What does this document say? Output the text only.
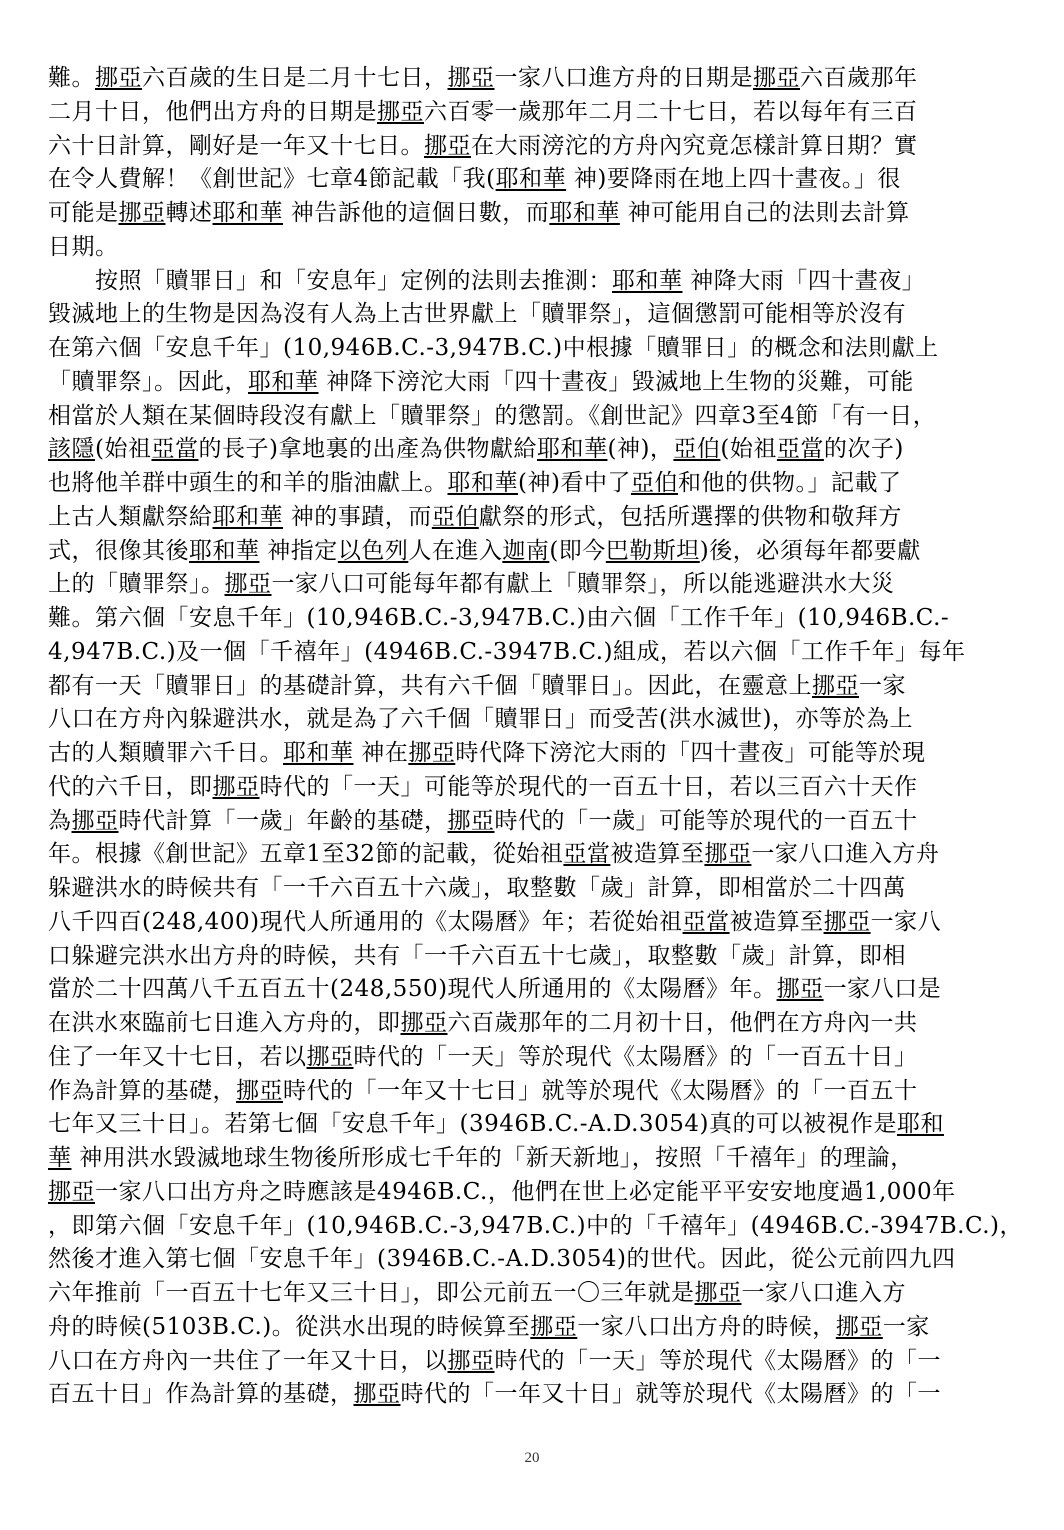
難。挪亞六百歲的生日是二月十七日，挪亞一家八口進方舟的日期是挪亞六百歲那年
二月十日，他們出方舟的日期是挪亞六百零一歲那年二月二十七日，若以每年有三百
六十日計算，剛好是一年又十七日。挪亞在大雨滂沱的方舟內究竟怎樣計算日期？實
在令人費解！《創世記》七章4節記載「我(耶和華 神)要降雨在地上四十晝夜。」很
可能是挪亞轉述耶和華 神告訴他的這個日數，而耶和華 神可能用自己的法則去計算
日期。
　　按照「贖罪日」和「安息年」定例的法則去推測：耶和華 神降大雨「四十晝夜」
毀滅地上的生物是因為沒有人為上古世界獻上「贖罪祭」，這個懲罰可能相等於沒有
在第六個「安息千年」(10,946B.C.-3,947B.C.)中根據「贖罪日」的概念和法則獻上
「贖罪祭」。因此，耶和華 神降下滂沱大雨「四十晝夜」毀滅地上生物的災難，可能
相當於人類在某個時段沒有獻上「贖罪祭」的懲罰。《創世記》四章3至4節「有一日，
該隱(始祖亞當的長子)拿地裏的出產為供物獻給耶和華(神)，亞伯(始祖亞當的次子)
也將他羊群中頭生的和羊的脂油獻上。耶和華(神)看中了亞伯和他的供物。」記載了
上古人類獻祭給耶和華 神的事蹟，而亞伯獻祭的形式，包括所選擇的供物和敬拜方
式，很像其後耶和華 神指定以色列人在進入迦南(即今巴勒斯坦)後，必須每年都要獻
上的「贖罪祭」。挪亞一家八口可能每年都有獻上「贖罪祭」，所以能逃避洪水大災
難。第六個「安息千年」(10,946B.C.-3,947B.C.)由六個「工作千年」(10,946B.C.-
4,947B.C.)及一個「千禧年」(4946B.C.-3947B.C.)組成，若以六個「工作千年」每年
都有一天「贖罪日」的基礎計算，共有六千個「贖罪日」。因此，在靈意上挪亞一家
八口在方舟內躲避洪水，就是為了六千個「贖罪日」而受苦(洪水滅世)，亦等於為上
古的人類贖罪六千日。耶和華 神在挪亞時代降下滂沱大雨的「四十晝夜」可能等於現
代的六千日，即挪亞時代的「一天」可能等於現代的一百五十日，若以三百六十天作
為挪亞時代計算「一歲」年齡的基礎，挪亞時代的「一歲」可能等於現代的一百五十
年。根據《創世記》五章1至32節的記載，從始祖亞當被造算至挪亞一家八口進入方舟
躲避洪水的時候共有「一千六百五十六歲」，取整數「歲」計算，即相當於二十四萬
八千四百(248,400)現代人所通用的《太陽曆》年；若從始祖亞當被造算至挪亞一家八
口躲避完洪水出方舟的時候，共有「一千六百五十七歲」，取整數「歲」計算，即相
當於二十四萬八千五百五十(248,550)現代人所通用的《太陽曆》年。挪亞一家八口是
在洪水來臨前七日進入方舟的，即挪亞六百歲那年的二月初十日，他們在方舟內一共
住了一年又十七日，若以挪亞時代的「一天」等於現代《太陽曆》的「一百五十日」
作為計算的基礎，挪亞時代的「一年又十七日」就等於現代《太陽曆》的「一百五十
七年又三十日」。若第七個「安息千年」(3946B.C.-A.D.3054)真的可以被視作是耶和
華 神用洪水毀滅地球生物後所形成七千年的「新天新地」，按照「千禧年」的理論，
挪亞一家八口出方舟之時應該是4946B.C.，他們在世上必定能平平安安地度過1,000年
，即第六個「安息千年」(10,946B.C.-3,947B.C.)中的「千禧年」(4946B.C.-3947B.C.)，
然後才進入第七個「安息千年」(3946B.C.-A.D.3054)的世代。因此，從公元前四九四
六年推前「一百五十七年又三十日」，即公元前五一〇三年就是挪亞一家八口進入方
舟的時候(5103B.C.)。從洪水出現的時候算至挪亞一家八口出方舟的時候，挪亞一家
八口在方舟內一共住了一年又十日，以挪亞時代的「一天」等於現代《太陽曆》的「一
百五十日」作為計算的基礎，挪亞時代的「一年又十日」就等於現代《太陽曆》的「一
20
